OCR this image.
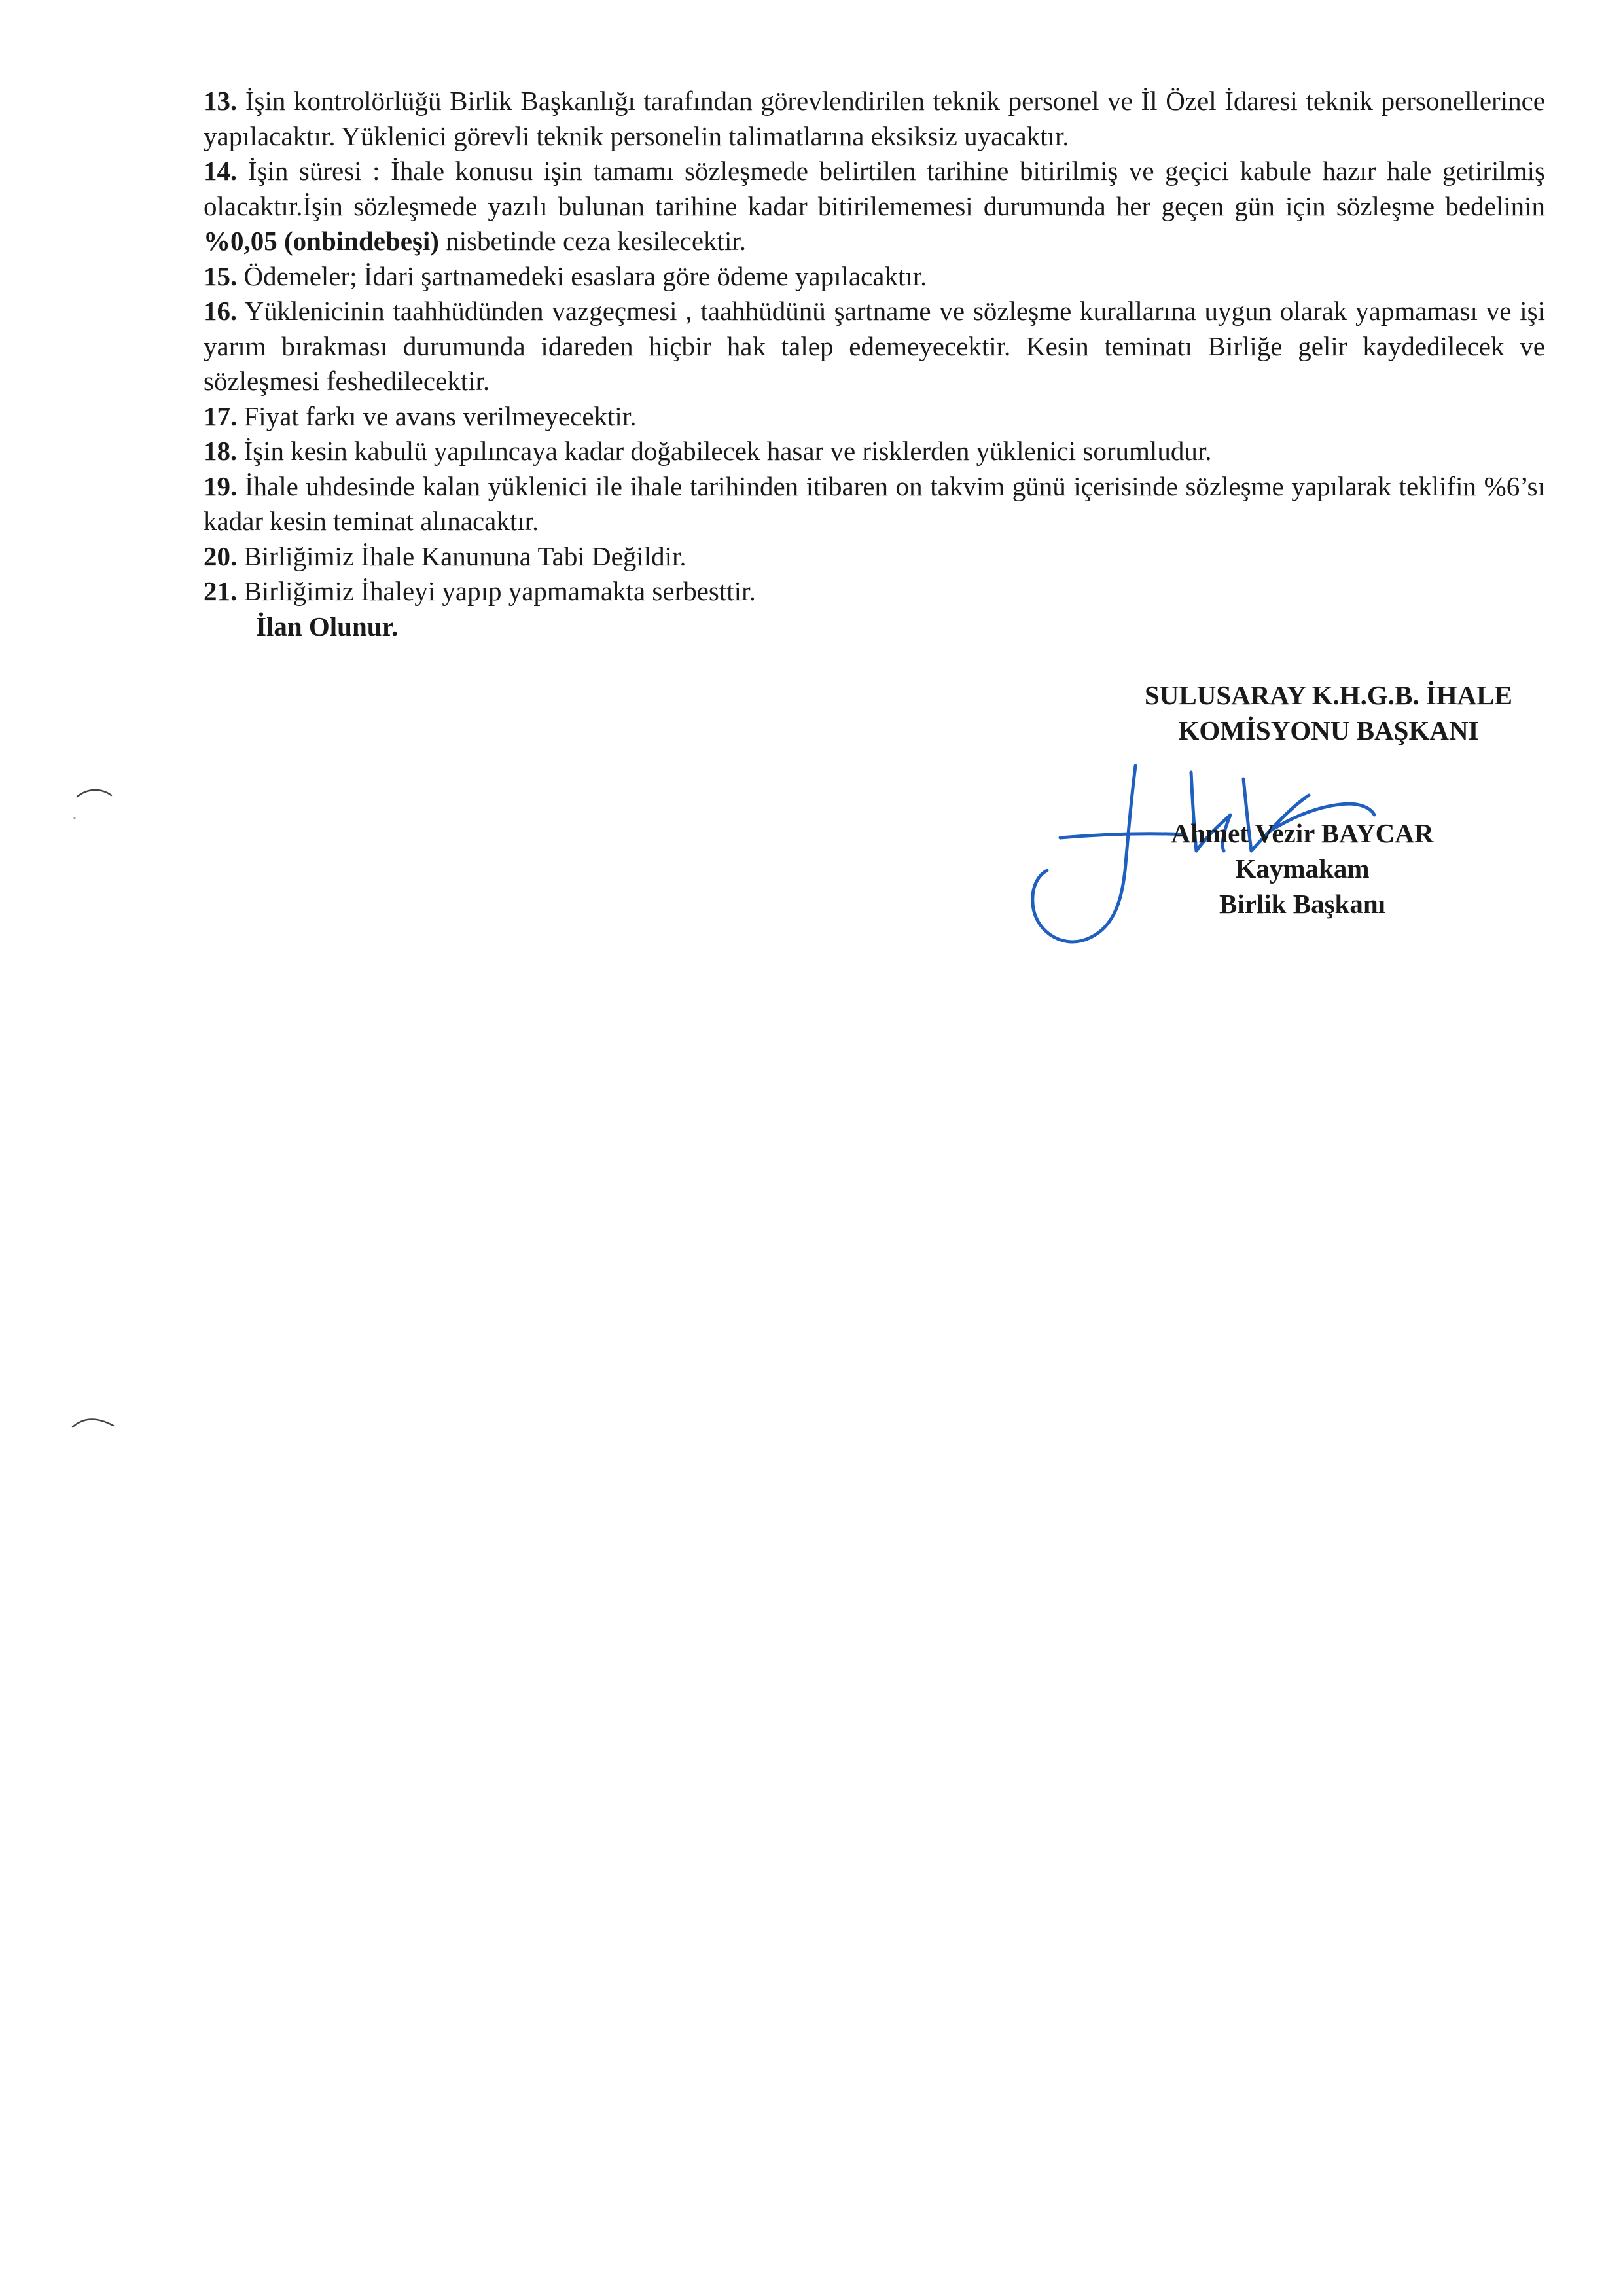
13. İşin kontrolörlüğü Birlik Başkanlığı tarafından görevlendirilen teknik personel ve İl Özel İdaresi teknik personellerince yapılacaktır. Yüklenici görevli teknik personelin talimatlarına eksiksiz uyacaktır.

14. İşin süresi : İhale konusu işin tamamı sözleşmede belirtilen tarihine bitirilmiş ve geçici kabule hazır hale getirilmiş olacaktır.İşin sözleşmede yazılı bulunan tarihine kadar bitirilememesi durumunda her geçen gün için sözleşme bedelinin %0,05 (onbindebeşi) nisbetinde ceza kesilecektir.

15. Ödemeler; İdari şartnamedeki esaslara göre ödeme yapılacaktır.

16. Yüklenicinin taahhüdünden vazgeçmesi , taahhüdünü şartname ve sözleşme kurallarına uygun olarak yapmaması ve işi yarım bırakması durumunda idareden hiçbir hak talep edemeyecektir. Kesin teminatı Birliğe gelir kaydedilecek ve sözleşmesi feshedilecektir.

17. Fiyat farkı ve avans verilmeyecektir.

18. İşin kesin kabulü yapılıncaya kadar doğabilecek hasar ve risklerden yüklenici sorumludur.

19. İhale uhdesinde kalan yüklenici ile ihale tarihinden itibaren on takvim günü içerisinde sözleşme yapılarak teklifin %6’sı kadar kesin teminat alınacaktır.

20. Birliğimiz İhale Kanununa Tabi Değildir.

21. Birliğimiz İhaleyi yapıp yapmamakta serbesttir.

İlan Olunur.

SULUSARAY K.H.G.B. İHALE
KOMİSYONU BAŞKANI
Ahmet Vezir BAYCAR
Kaymakam
Birlik Başkanı
